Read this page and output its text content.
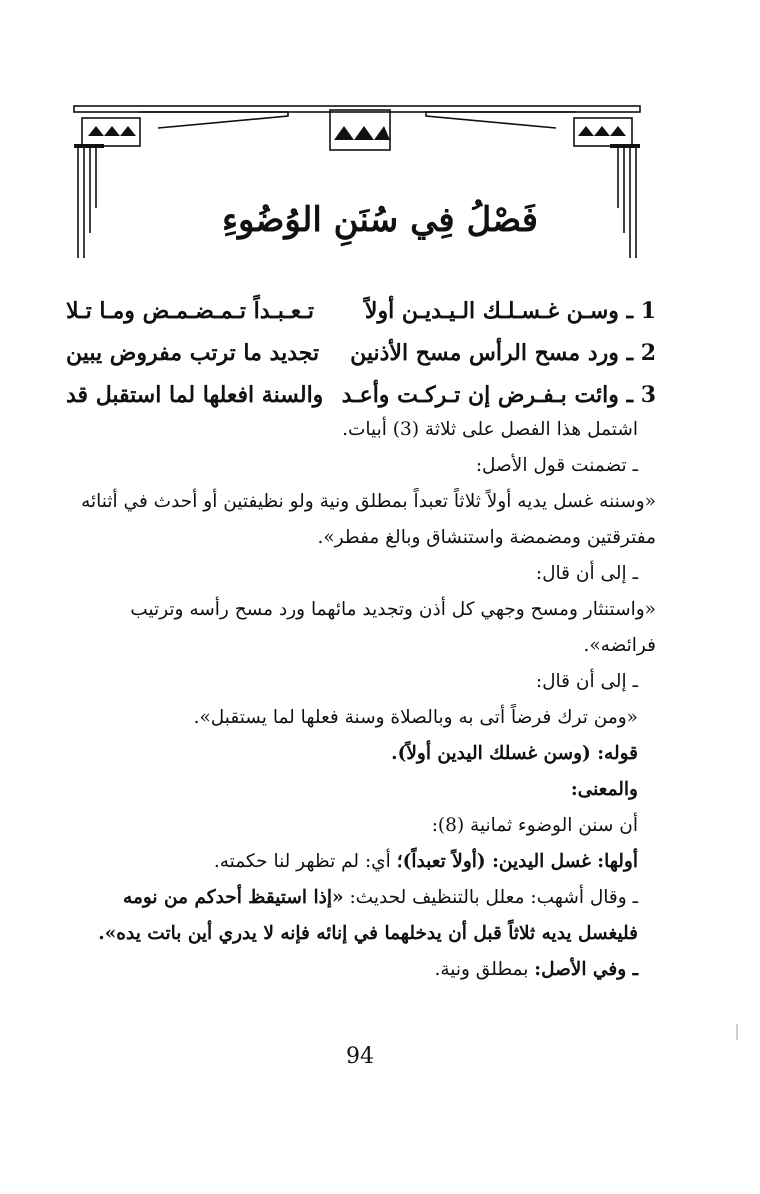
فَصْلُ فِي سُنَنِ الوُضُوءِ
1 ـ وسـن غـسـلـك الـيـديـن أولاً
تـعـبـداً تـمـضـمـض ومـا تـلا
2 ـ ورد مسح الرأس مسح الأذنين
تجديد ما ترتب مفروض يبين
3 ـ وائت بـفـرض إن تـركـت وأعـد
والسنة افعلها لما استقبل قد

اشتمل هذا الفصل على ثلاثة (3) أبيات.

ـ تضمنت قول الأصل:

«وسننه غسل يديه أولاً ثلاثاً تعبداً بمطلق ونية ولو نظيفتين أو أحدث في أثنائه مفترقتين ومضمضة واستنشاق وبالغ مفطر».

ـ إلى أن قال:

«واستنثار ومسح وجهي كل أذن وتجديد مائهما ورد مسح رأسه وترتيب فرائضه».

ـ إلى أن قال:

«ومن ترك فرضاً أتى به وبالصلاة وسنة فعلها لما يستقبل».

قوله: (وسن غسلك اليدين أولاً).

والمعنى:

أن سنن الوضوء ثمانية (8):

أولها: غسل اليدين: (أولاً تعبداً)؛ أي: لم تظهر لنا حكمته.

ـ وقال أشهب: معلل بالتنظيف لحديث: «إذا استيقظ أحدكم من نومه فليغسل يديه ثلاثاً قبل أن يدخلهما في إنائه فإنه لا يدري أين باتت يده».

ـ وفي الأصل: بمطلق ونية.

94
